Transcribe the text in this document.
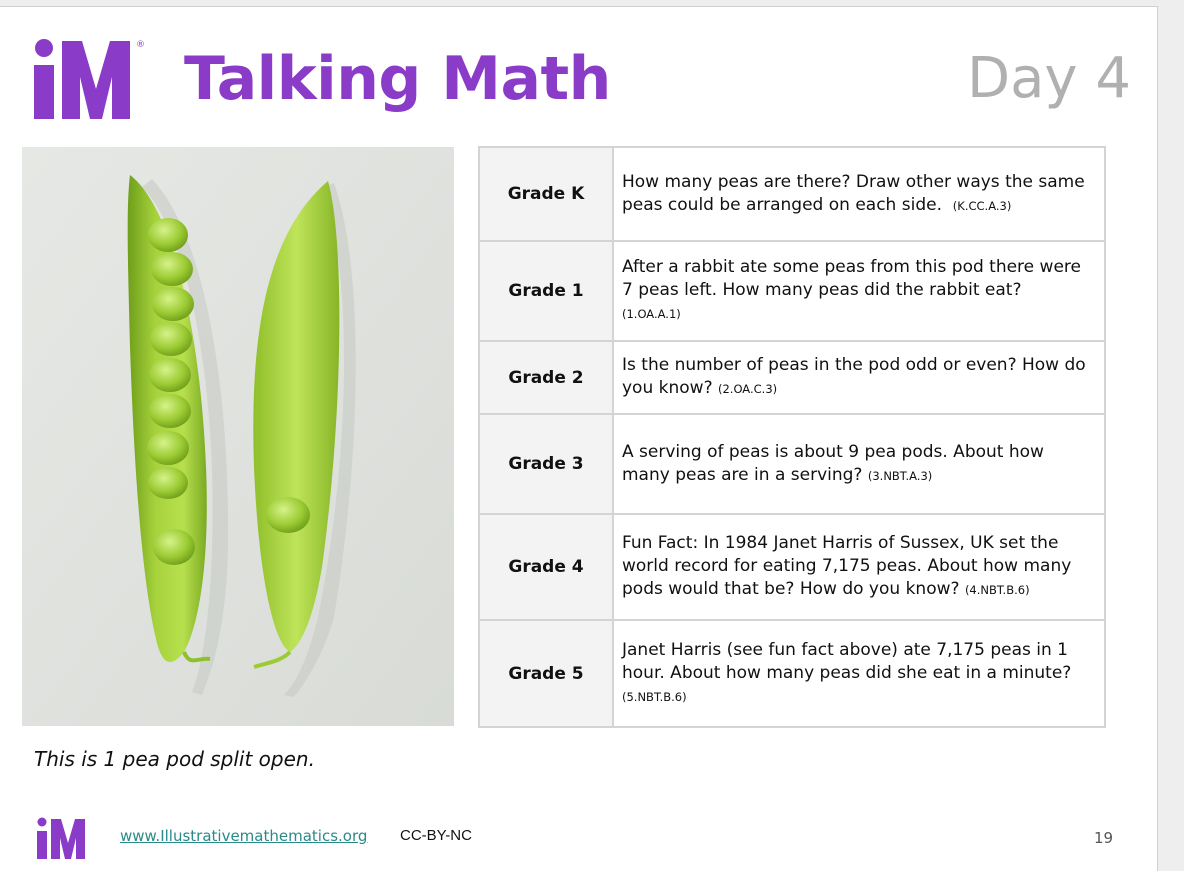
® Talking Math	Day 4
This is 1 pea pod split open.
Grade K	How many peas are there? Draw other ways the same peas could be arranged on each side. (K.CC.A.3)
Grade 1	After a rabbit ate some peas from this pod there were 7 peas left. How many peas did the rabbit eat?
(1.OA.A.1)
Grade 2	Is the number of peas in the pod odd or even? How do you know? (2.OA.C.3)
Grade 3	A serving of peas is about 9 pea pods. About how many peas are in a serving? (3.NBT.A.3)
Grade 4	Fun Fact: In 1984 Janet Harris of Sussex, UK set the world record for eating 7,175 peas. About how many pods would that be? How do you know? (4.NBT.B.6)
Grade 5	Janet Harris (see fun fact above) ate 7,175 peas in 1 hour. About how many peas did she eat in a minute?
(5.NBT.B.6)
www.Illustrativemathematics.org CC-BY-NC	19
